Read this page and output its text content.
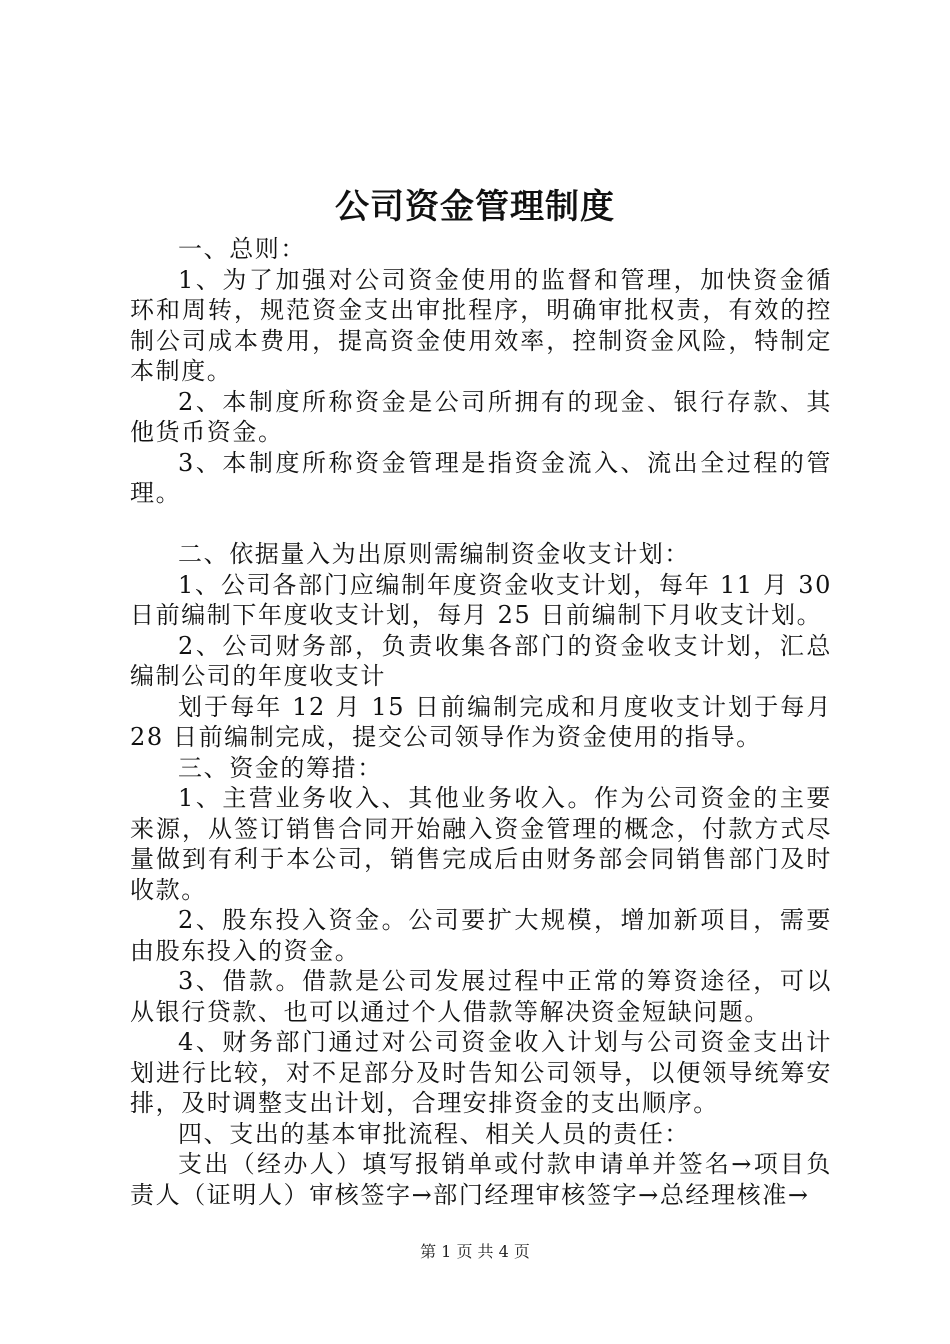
公司资金管理制度

一、总则：

1、为了加强对公司资金使用的监督和管理，加快资金循环和周转，规范资金支出审批程序，明确审批权责，有效的控制公司成本费用，提高资金使用效率，控制资金风险，特制定本制度。

2、本制度所称资金是公司所拥有的现金、银行存款、其他货币资金。

3、本制度所称资金管理是指资金流入、流出全过程的管理。

二、依据量入为出原则需编制资金收支计划：

1、公司各部门应编制年度资金收支计划，每年 11 月 30 日前编制下年度收支计划，每月 25 日前编制下月收支计划。

2、公司财务部，负责收集各部门的资金收支计划，汇总编制公司的年度收支计

划于每年 12 月 15 日前编制完成和月度收支计划于每月 28 日前编制完成，提交公司领导作为资金使用的指导。

三、资金的筹措：

1、主营业务收入、其他业务收入。作为公司资金的主要来源，从签订销售合同开始融入资金管理的概念，付款方式尽量做到有利于本公司，销售完成后由财务部会同销售部门及时收款。

2、股东投入资金。公司要扩大规模，增加新项目，需要由股东投入的资金。

3、借款。借款是公司发展过程中正常的筹资途径，可以从银行贷款、也可以通过个人借款等解决资金短缺问题。

4、财务部门通过对公司资金收入计划与公司资金支出计划进行比较，对不足部分及时告知公司领导，以便领导统筹安排，及时调整支出计划，合理安排资金的支出顺序。

四、支出的基本审批流程、相关人员的责任：

支出（经办人）填写报销单或付款申请单并签名→项目负责人（证明人）审核签字→部门经理审核签字→总经理核准→

第 1 页 共 4 页
